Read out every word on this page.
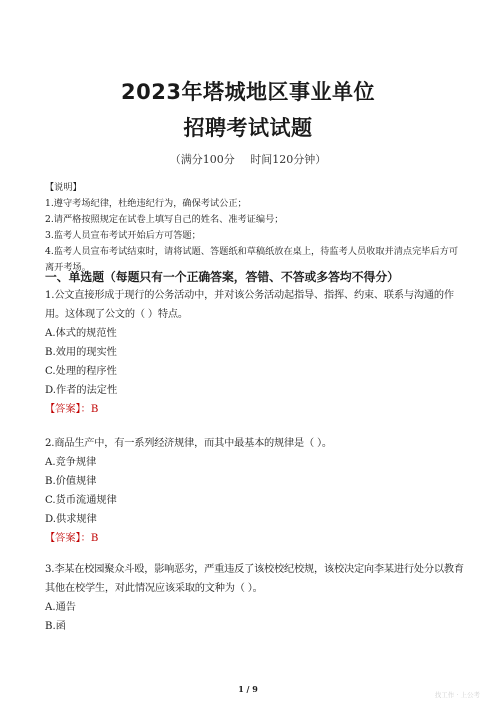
2023年塔城地区事业单位
招聘考试试题
（满分100分 时间120分钟）
【说明】
1.遵守考场纪律，杜绝违纪行为，确保考试公正；
2.请严格按照规定在试卷上填写自己的姓名、准考证编号；
3.监考人员宣布考试开始后方可答题；
4.监考人员宣布考试结束时，请将试题、答题纸和草稿纸放在桌上，待监考人员收取并清点完毕后方可离开考场。
一、单选题（每题只有一个正确答案，答错、不答或多答均不得分）
1.公文直接形成于现行的公务活动中，并对该公务活动起指导、指挥、约束、联系与沟通的作用。这体现了公文的（ ）特点。
A.体式的规范性
B.效用的现实性
C.处理的程序性
D.作者的法定性
【答案】：B
2.商品生产中，有一系列经济规律，而其中最基本的规律是（ ）。
A.竞争规律
B.价值规律
C.货币流通规律
D.供求规律
【答案】：B
3.李某在校园聚众斗殴，影响恶劣，严重违反了该校校纪校规，该校决定向李某进行处分以教育其他在校学生，对此情况应该采取的文种为（ ）。
A.通告
B.函
1 / 9
找工作 · 上公考
